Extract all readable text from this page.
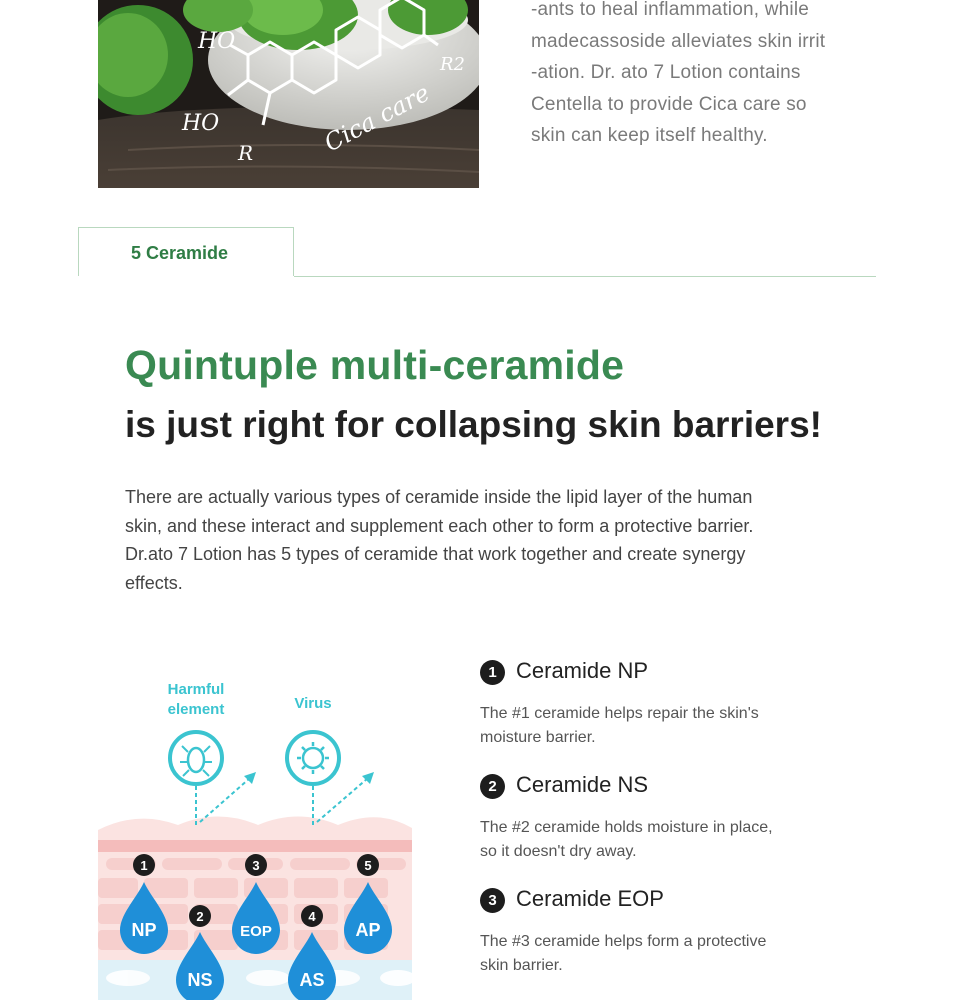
HO
HO
R
R2
Cica care
-ants to heal inflammation, while
madecassoside alleviates skin irrit
-ation. Dr. ato 7 Lotion contains
Centella to provide Cica care so
skin can keep itself healthy.
5 Ceramide
Quintuple multi-ceramide
is just right for collapsing skin barriers!
There are actually various types of ceramide inside the lipid layer of the human
skin, and these interact and supplement each other to form a protective barrier.
Dr.ato 7 Lotion has 5 types of ceramide that work together and create synergy
effects.
Harmful
element	Virus
NP
1
NS
2
EOP
3
AS
4
AP
5
1 Ceramide NP
The #1 ceramide helps repair the skin's
moisture barrier.
2 Ceramide NS
The #2 ceramide holds moisture in place,
so it doesn't dry away.
3 Ceramide EOP
The #3 ceramide helps form a protective
skin barrier.
